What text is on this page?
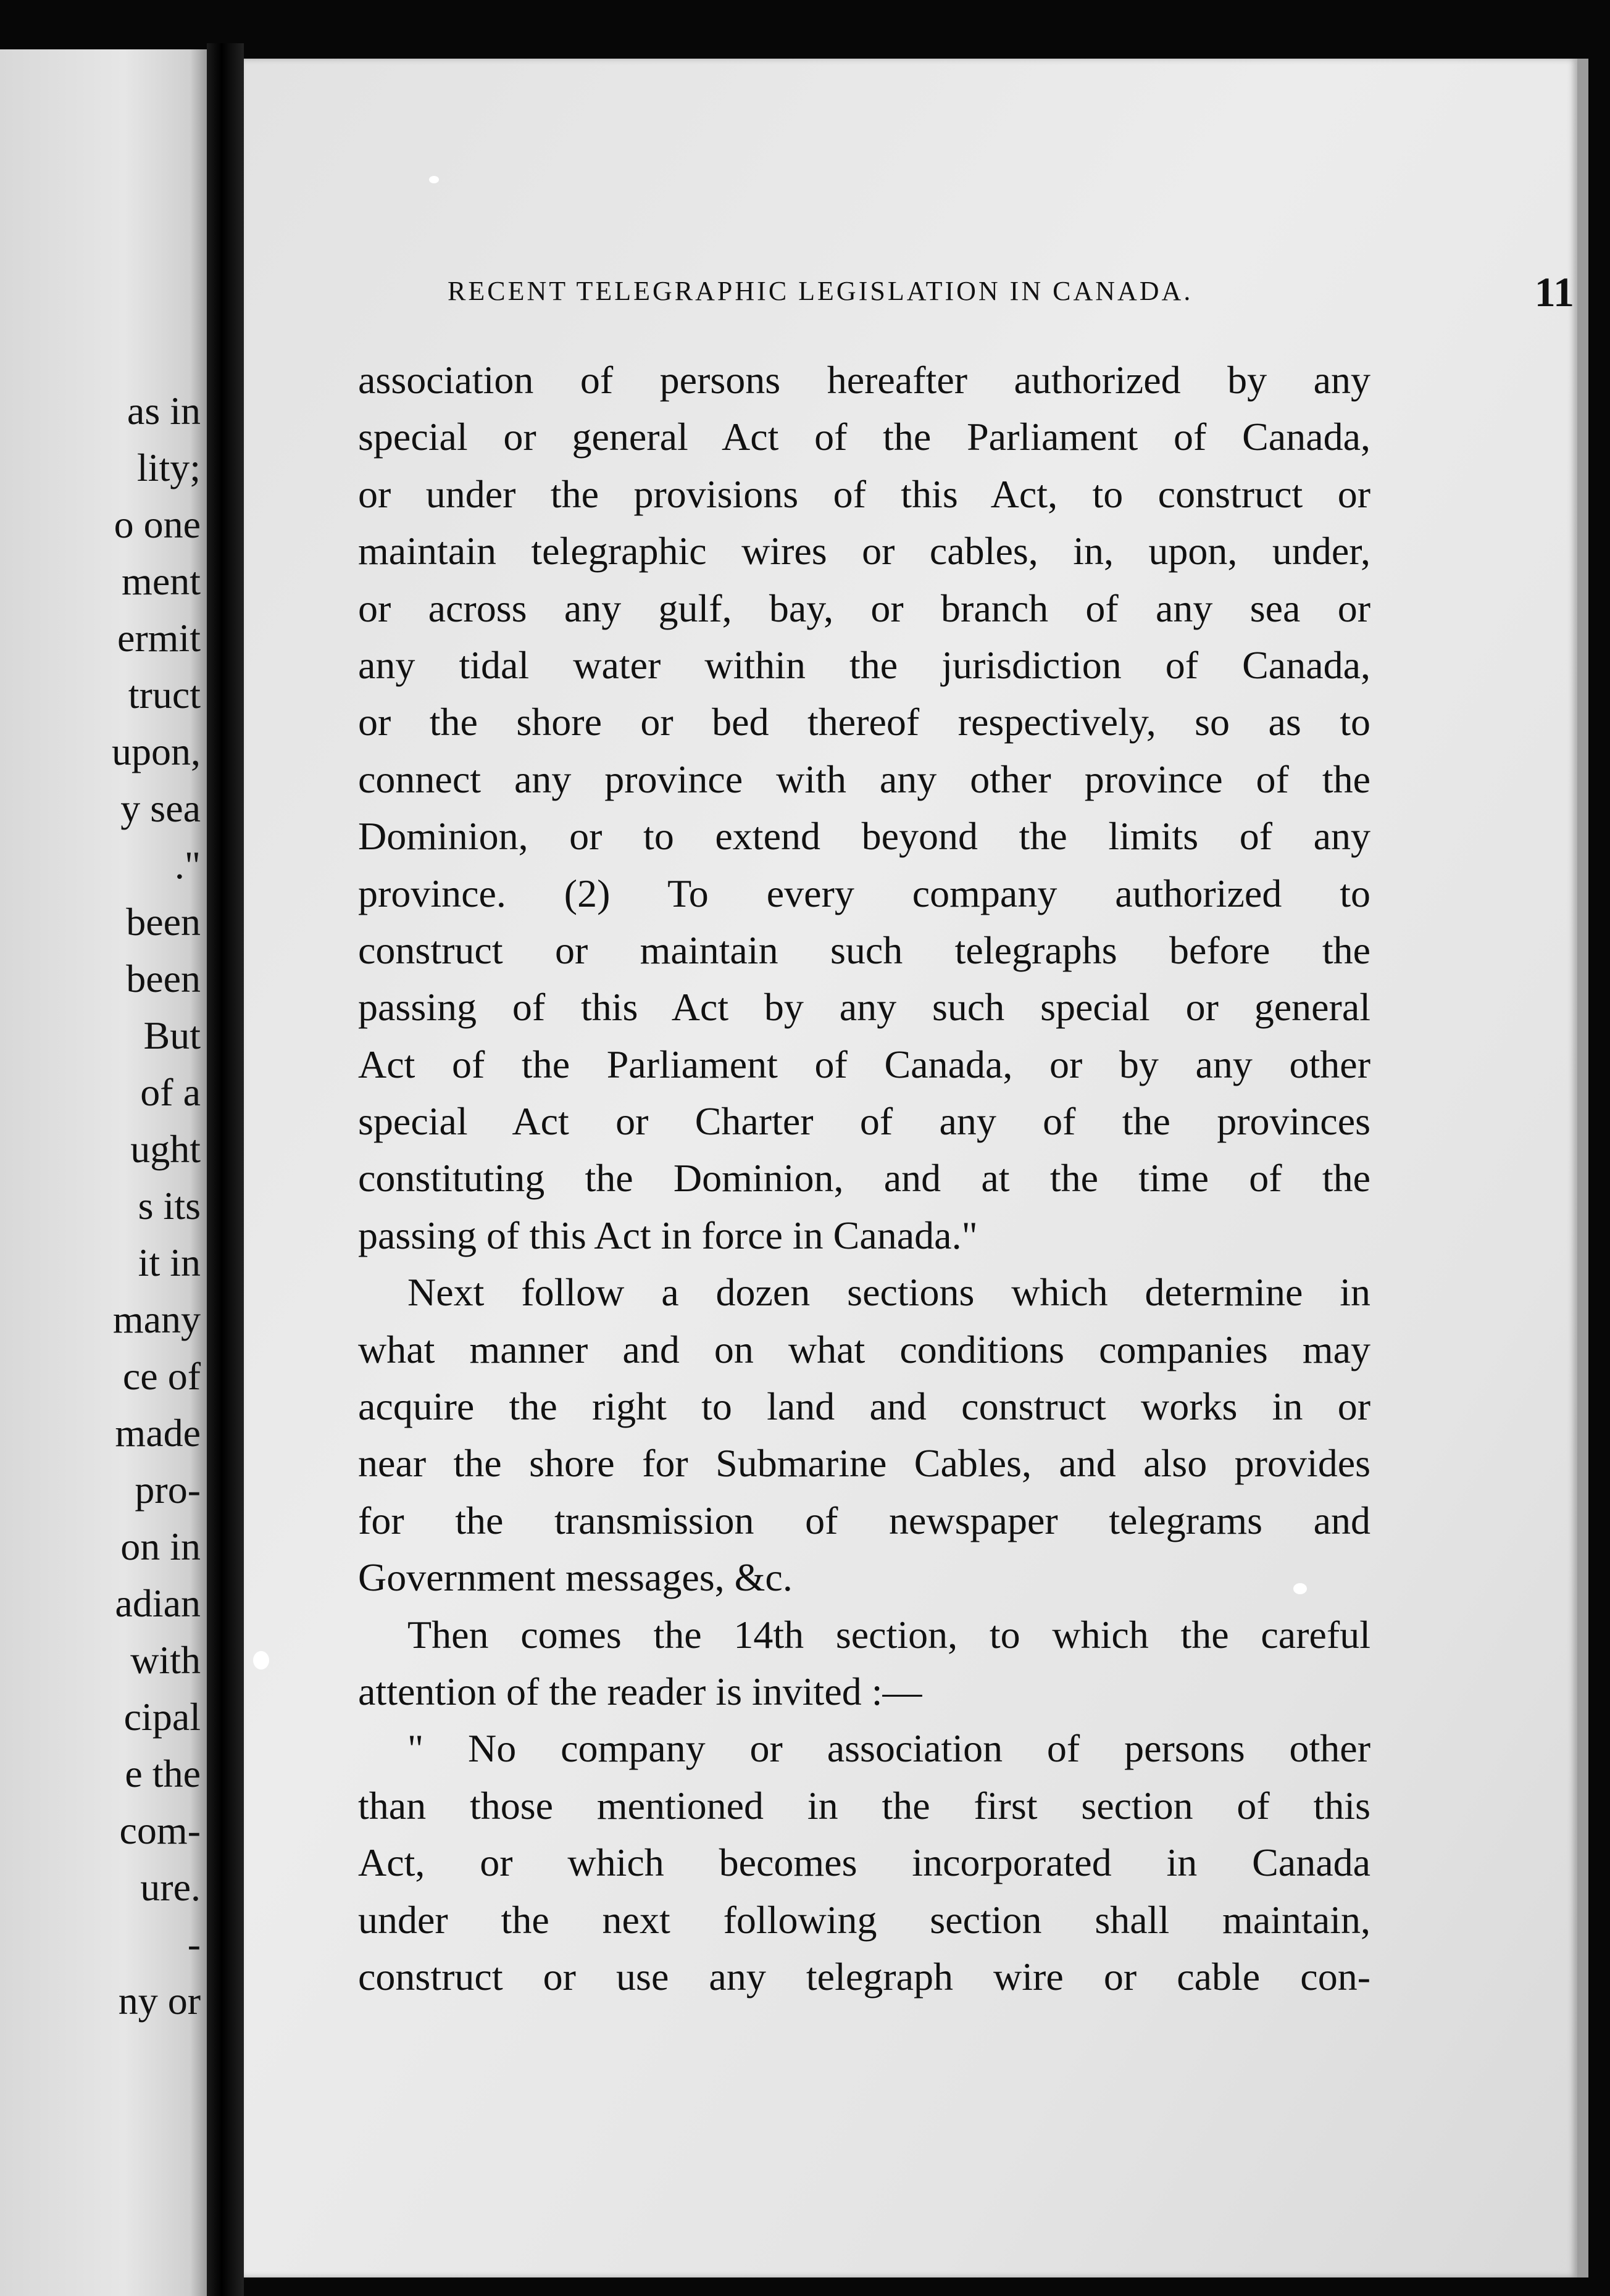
as in
lity;
o one
ment
ermit
truct
upon,
y sea
."
been
been
But
of a
ught
s its
it in
many
ce of
made
pro-
on in
adian
with
cipal
e the
com-
ure.
-
ny or
RECENT TELEGRAPHIC LEGISLATION IN CANADA.	11
association of persons hereafter authorized by any
special or general Act of the Parliament of Canada,
or under the provisions of this Act, to construct or
maintain telegraphic wires or cables, in, upon, under,
or across any gulf, bay, or branch of any sea or
any tidal water within the jurisdiction of Canada,
or the shore or bed thereof respectively, so as to
connect any province with any other province of the
Dominion, or to extend beyond the limits of any
province. (2) To every company authorized to
construct or maintain such telegraphs before the
passing of this Act by any such special or general
Act of the Parliament of Canada, or by any other
special Act or Charter of any of the provinces
constituting the Dominion, and at the time of the
passing of this Act in force in Canada."
Next follow a dozen sections which determine in
what manner and on what conditions companies may
acquire the right to land and construct works in or
near the shore for Submarine Cables, and also provides
for the transmission of newspaper telegrams and
Government messages, &c.
Then comes the 14th section, to which the careful
attention of the reader is invited :—
" No company or association of persons other
than those mentioned in the first section of this
Act, or which becomes incorporated in Canada
under the next following section shall maintain,
construct or use any telegraph wire or cable con-
